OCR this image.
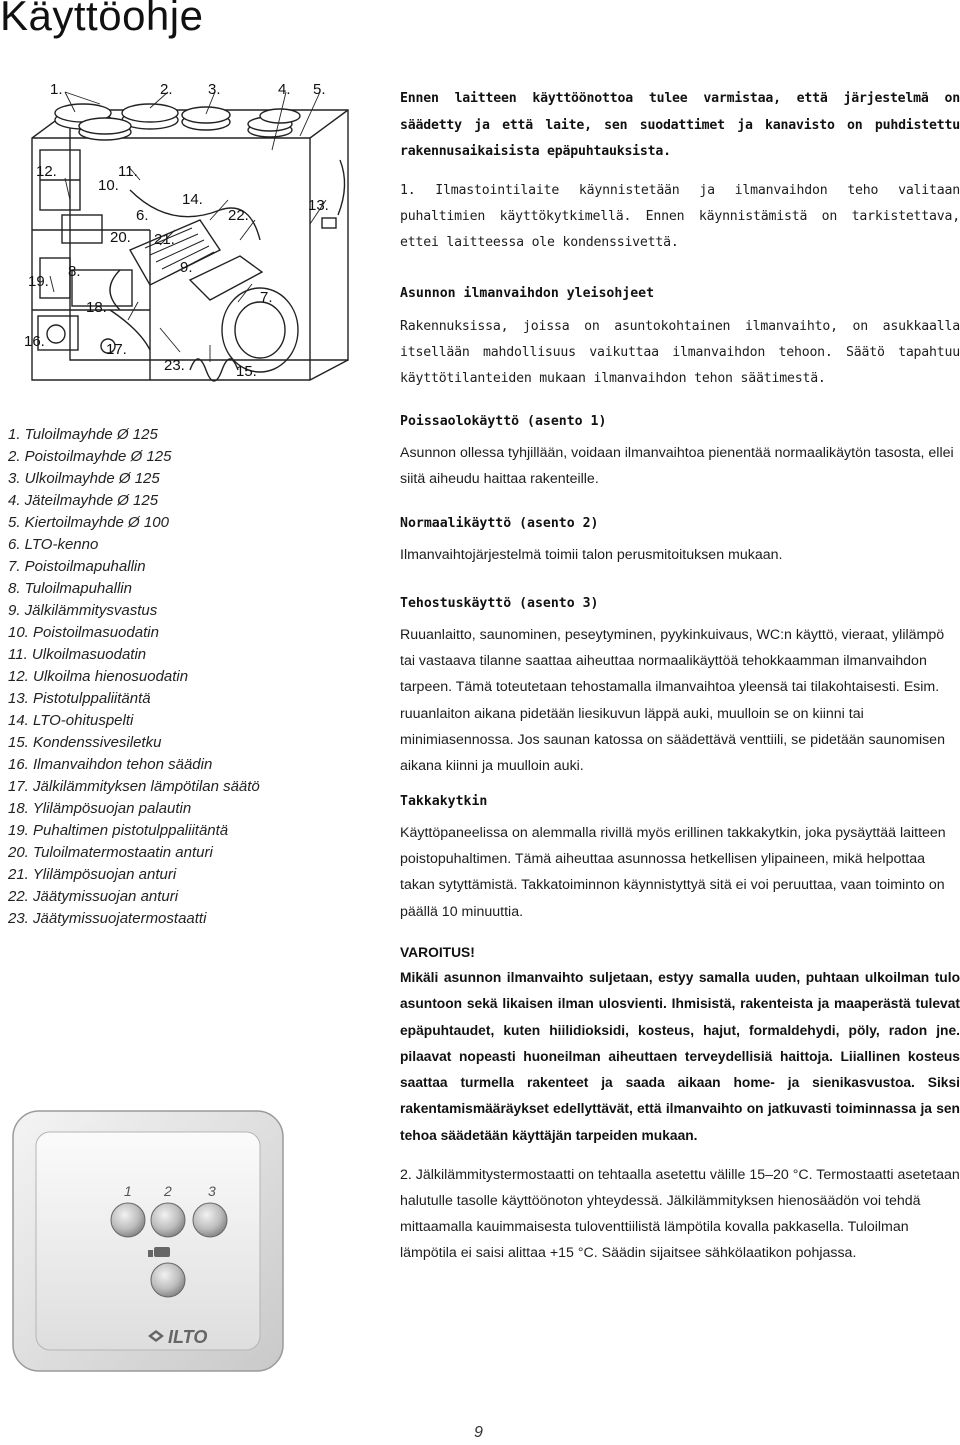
Käyttöohje
1.	2. 3.	4. 5.
12.	11.
10.
14.
6.	22.
13.
20. 21.
9.
19.
8.
7.
18.
16.	17.
23.	15.
1. Tuloilmayhde Ø 125
2. Poistoilmayhde Ø 125
3. Ulkoilmayhde Ø 125
4. Jäteilmayhde Ø 125
5. Kiertoilmayhde Ø 100
6. LTO-kenno
7. Poistoilmapuhallin
8. Tuloilmapuhallin
9. Jälkilämmitysvastus
10. Poistoilmasuodatin
11. Ulkoilmasuodatin
12. Ulkoilma hienosuodatin
13. Pistotulppaliitäntä
14. LTO-ohituspelti
15. Kondenssivesiletku
16. Ilmanvaihdon tehon säädin
17. Jälkilämmityksen lämpötilan säätö
18. Ylilämpösuojan palautin
19. Puhaltimen pistotulppaliitäntä
20. Tuloilmatermostaatin anturi
21. Ylilämpösuojan anturi
22. Jäätymissuojan anturi
23. Jäätymissuojatermostaatti
1 2	3
ILTO

Ennen laitteen käyttöönottoa tulee varmistaa, että järjestelmä on säädetty ja että laite, sen suodattimet ja kanavisto on puhdistettu rakennusaikaisista epäpuhtauksista.

1. Ilmastointilaite käynnistetään ja ilmanvaihdon teho valitaan puhaltimien käyttökytkimellä. Ennen käynnistämistä on tarkistettava, ettei laitteessa ole kondenssivettä.

Asunnon ilmanvaihdon yleisohjeet

Rakennuksissa, joissa on asuntokohtainen ilmanvaihto, on asukkaalla itsellään mahdollisuus vaikuttaa ilmanvaihdon tehoon. Säätö tapahtuu käyttötilanteiden mukaan ilmanvaihdon tehon säätimestä.

Poissaolokäyttö (asento 1)

Asunnon ollessa tyhjillään, voidaan ilmanvaihtoa pienentää normaalikäytön tasosta, ellei siitä aiheudu haittaa rakenteille.

Normaalikäyttö (asento 2)

Ilmanvaihtojärjestelmä toimii talon perusmitoituksen mukaan.

Tehostuskäyttö (asento 3)

Ruuanlaitto, saunominen, peseytyminen, pyykinkuivaus, WC:n käyttö, vieraat, ylilämpö tai vastaava tilanne saattaa aiheuttaa normaalikäyttöä tehokkaamman ilmanvaihdon tarpeen. Tämä toteutetaan tehostamalla ilmanvaihtoa yleensä tai tilakohtaisesti. Esim. ruuanlaiton aikana pidetään liesikuvun läppä auki, muulloin se on kiinni tai minimiasennossa. Jos saunan katossa on säädettävä venttiili, se pidetään saunomisen aikana kiinni ja muulloin auki.

Takkakytkin

Käyttöpaneelissa on alemmalla rivillä myös erillinen takkakytkin, joka pysäyttää laitteen poistopuhaltimen. Tämä aiheuttaa asunnossa hetkellisen ylipaineen, mikä helpottaa takan sytyttämistä. Takkatoiminnon käynnistyttyä sitä ei voi peruuttaa, vaan toiminto on päällä 10 minuuttia.

VAROITUS!

Mikäli asunnon ilmanvaihto suljetaan, estyy samalla uuden, puhtaan ulkoilman tulo asuntoon sekä likaisen ilman ulosvienti. Ihmisistä, rakenteista ja maaperästä tulevat epäpuhtaudet, kuten hiilidioksidi, kosteus, hajut, formaldehydi, pöly, radon jne. pilaavat nopeasti huoneilman aiheuttaen terveydellisiä haittoja. Liiallinen kosteus saattaa turmella rakenteet ja saada aikaan home- ja sienikasvustoa. Siksi rakentamismääräykset edellyttävät, että ilmanvaihto on jatkuvasti toiminnassa ja sen tehoa säädetään käyttäjän tarpeiden mukaan.

2. Jälkilämmitystermostaatti on tehtaalla asetettu välille 15–20 °C. Termostaatti asetetaan halutulle tasolle käyttöönoton yhteydessä. Jälkilämmityksen hienosäädön voi tehdä mittaamalla kauimmaisesta tuloventtiilistä lämpötila kovalla pakkasella. Tuloilman lämpötila ei saisi alittaa +15 °C. Säädin sijaitsee sähkölaatikon pohjassa.

9
